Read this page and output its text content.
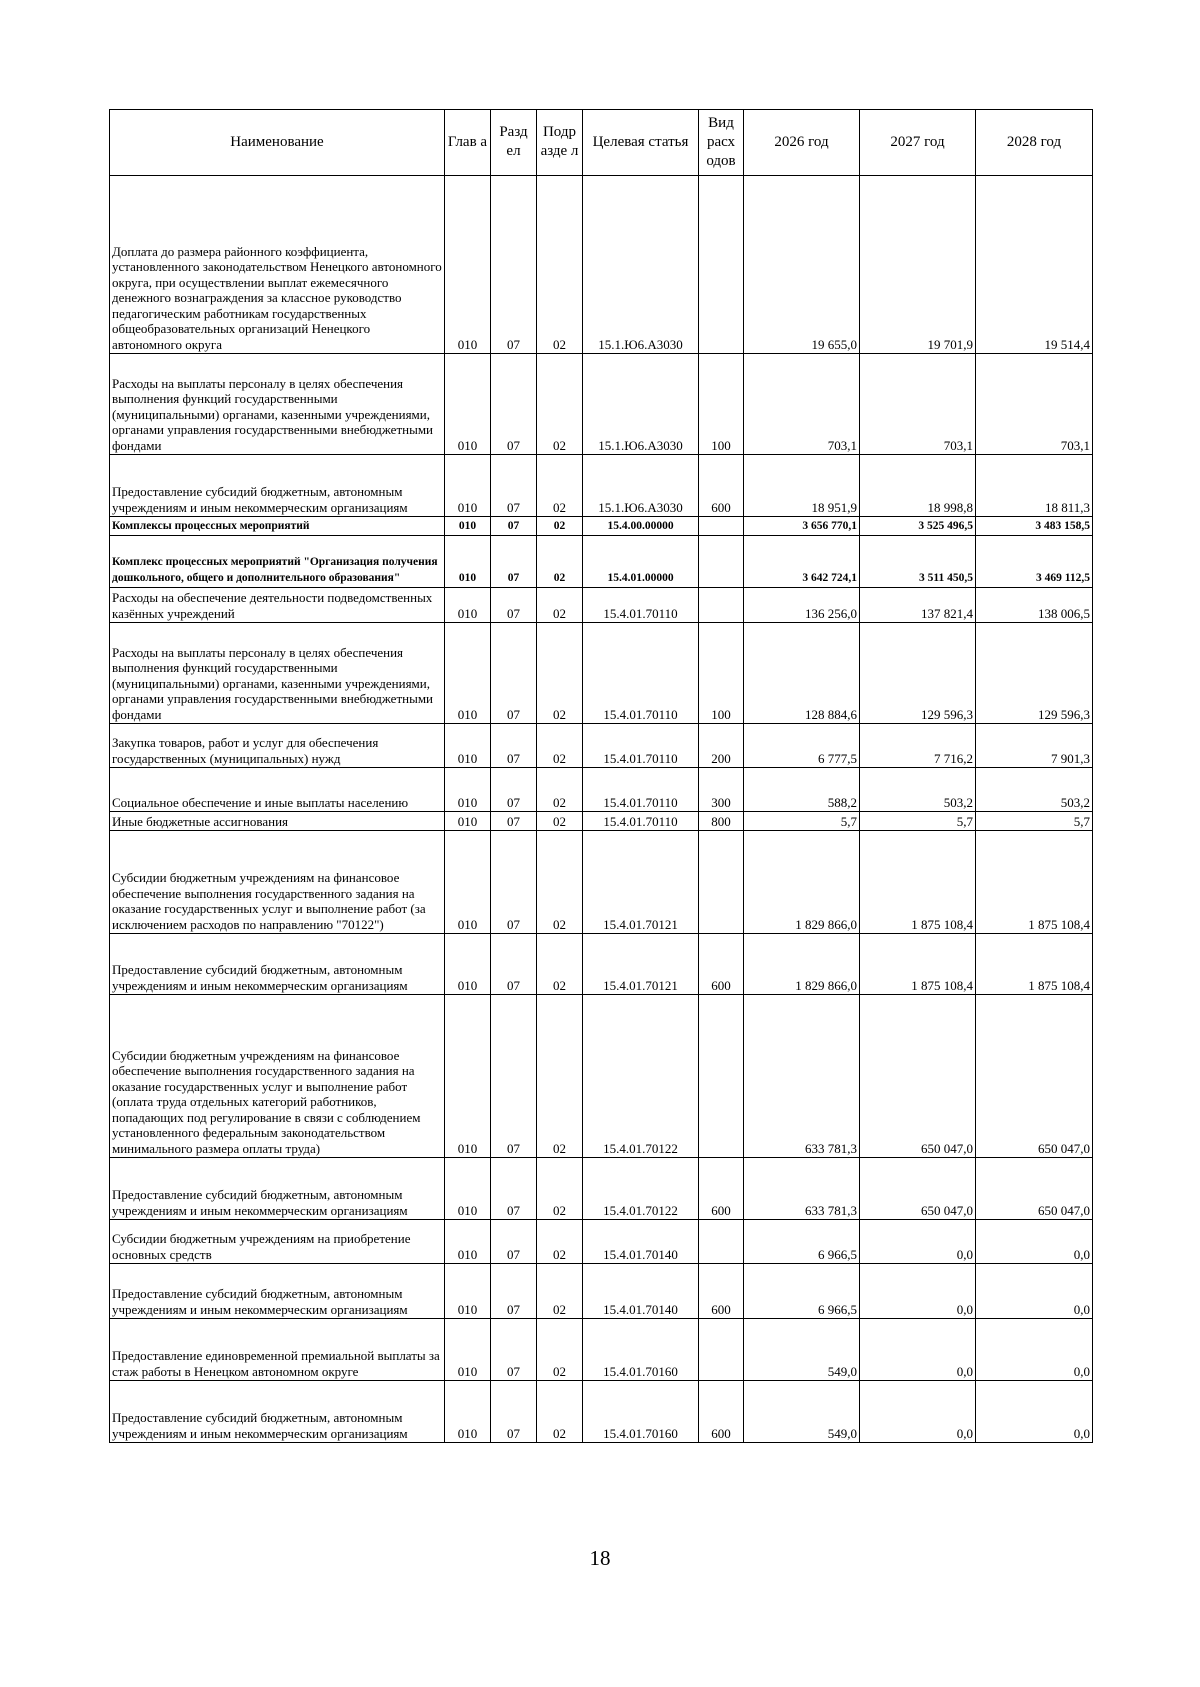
Наименование	Глав а	Разд ел	Подр азде л	Целевая статья	Вид расх одов	2026 год	2027 год	2028 год
Доплата до размера районного коэффициента, установленного законодательством Ненецкого автономного округа, при осуществлении выплат ежемесячного денежного вознаграждения за классное руководство педагогическим работникам государственных общеобразовательных организаций Ненецкого автономного округа	010	07	02	15.1.Ю6.А3030		19 655,0	19 701,9	19 514,4
Расходы на выплаты персоналу в целях обеспечения выполнения функций государственными (муниципальными) органами, казенными учреждениями, органами управления государственными внебюджетными фондами	010	07	02	15.1.Ю6.А3030	100	703,1	703,1	703,1
Предоставление субсидий бюджетным, автономным учреждениям и иным некоммерческим организациям	010	07	02	15.1.Ю6.А3030	600	18 951,9	18 998,8	18 811,3
Комплексы процессных мероприятий	010	07	02	15.4.00.00000		3 656 770,1	3 525 496,5	3 483 158,5
Комплекс процессных мероприятий "Организация получения дошкольного, общего и дополнительного образования"	010	07	02	15.4.01.00000		3 642 724,1	3 511 450,5	3 469 112,5
Расходы на обеспечение деятельности подведомственных казённых учреждений	010	07	02	15.4.01.70110		136 256,0	137 821,4	138 006,5
Расходы на выплаты персоналу в целях обеспечения выполнения функций государственными (муниципальными) органами, казенными учреждениями, органами управления государственными внебюджетными фондами	010	07	02	15.4.01.70110	100	128 884,6	129 596,3	129 596,3
Закупка товаров, работ и услуг для обеспечения государственных (муниципальных) нужд	010	07	02	15.4.01.70110	200	6 777,5	7 716,2	7 901,3
Социальное обеспечение и иные выплаты населению	010	07	02	15.4.01.70110	300	588,2	503,2	503,2
Иные бюджетные ассигнования	010	07	02	15.4.01.70110	800	5,7	5,7	5,7
Субсидии бюджетным учреждениям на финансовое обеспечение выполнения государственного задания на оказание государственных услуг и выполнение работ (за исключением расходов по направлению "70122")	010	07	02	15.4.01.70121		1 829 866,0	1 875 108,4	1 875 108,4
Предоставление субсидий бюджетным, автономным учреждениям и иным некоммерческим организациям	010	07	02	15.4.01.70121	600	1 829 866,0	1 875 108,4	1 875 108,4
Субсидии бюджетным учреждениям на финансовое обеспечение выполнения государственного задания на оказание государственных услуг и выполнение работ (оплата труда отдельных категорий работников, попадающих под регулирование в связи с соблюдением установленного федеральным законодательством минимального размера оплаты труда)	010	07	02	15.4.01.70122		633 781,3	650 047,0	650 047,0
Предоставление субсидий бюджетным, автономным учреждениям и иным некоммерческим организациям	010	07	02	15.4.01.70122	600	633 781,3	650 047,0	650 047,0
Субсидии бюджетным учреждениям на приобретение основных средств	010	07	02	15.4.01.70140		6 966,5	0,0	0,0
Предоставление субсидий бюджетным, автономным учреждениям и иным некоммерческим организациям	010	07	02	15.4.01.70140	600	6 966,5	0,0	0,0
Предоставление единовременной премиальной выплаты за стаж работы в Ненецком автономном округе	010	07	02	15.4.01.70160		549,0	0,0	0,0
Предоставление субсидий бюджетным, автономным учреждениям и иным некоммерческим организациям	010	07	02	15.4.01.70160	600	549,0	0,0	0,0
18
